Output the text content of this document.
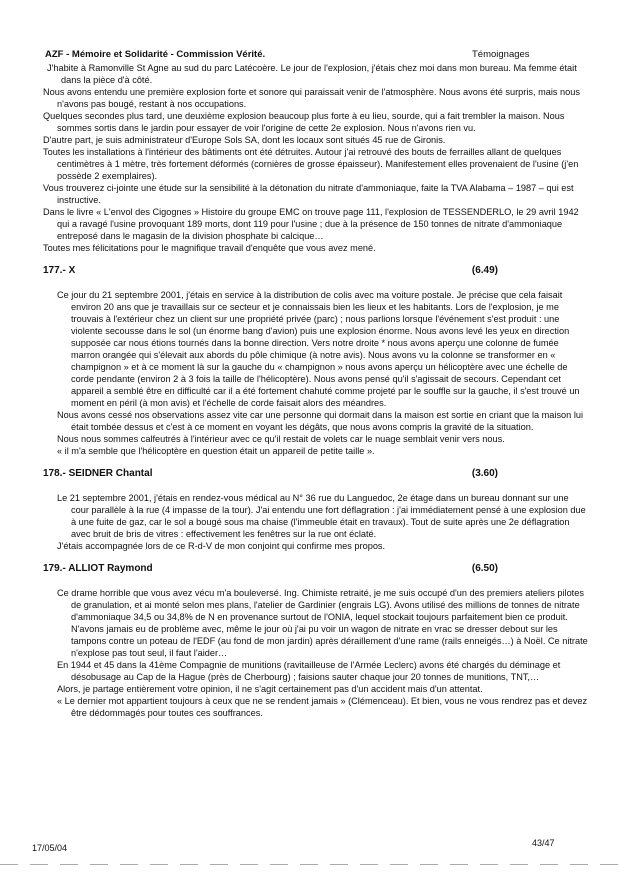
AZF - Mémoire et Solidarité - Commission Vérité.	Témoignages

J'habite à Ramonville St Agne au sud du parc Latécoère. Le jour de l'explosion, j'étais chez moi dans mon bureau. Ma femme était dans la pièce d'à côté.

Nous avons entendu une première explosion forte et sonore qui paraissait venir de l'atmosphère. Nous avons été surpris, mais nous n'avons pas bougé, restant à nos occupations.

Quelques secondes plus tard, une deuxième explosion beaucoup plus forte à eu lieu, sourde, qui a fait trembler la maison. Nous sommes sortis dans le jardin pour essayer de voir l'origine de cette 2e explosion. Nous n'avons rien vu.

D'autre part, je suis administrateur d'Europe Sols SA, dont les locaux sont situés 45 rue de Gironis.

Toutes les installations à l'intérieur des bâtiments ont été détruites. Autour j'ai retrouvé des bouts de ferrailles allant de quelques centimètres à 1 mètre, très fortement déformés (cornières de grosse épaisseur). Manifestement elles provenaient de l'usine (j'en possède 2 exemplaires).

Vous trouverez ci-jointe une étude sur la sensibilité à la détonation du nitrate d'ammoniaque, faite la TVA Alabama – 1987 – qui est instructive.

Dans le livre « L'envol des Cigognes » Histoire du groupe EMC on trouve page 111, l'explosion de TESSENDERLO, le 29 avril 1942 qui a ravagé l'usine provoquant 189 morts, dont 119 pour l'usine ; due à la présence de 150 tonnes de nitrate d'ammoniaque entreposé dans le magasin de la division phosphate bi calcique…

Toutes mes félicitations pour le magnifique travail d'enquête que vous avez mené.

177.- X	(6.49)

Ce jour du 21 septembre 2001, j'étais en service à la distribution de colis avec ma voiture postale. Je précise que cela faisait environ 20 ans que je travaillais sur ce secteur et je connaissais bien les lieux et les habitants. Lors de l'explosion, je me trouvais à l'extérieur chez un client sur une propriété privée (parc) ; nous parlions lorsque l'événement s'est produit : une violente secousse dans le sol (un énorme bang d'avion) puis une explosion énorme. Nous avons levé les yeux en direction supposée car nous étions tournés dans la bonne direction. Vers notre droite * nous avons aperçu une colonne de fumée marron orangée qui s'élevait aux abords du pôle chimique (à notre avis). Nous avons vu la colonne se transformer en « champignon » et à ce moment là sur la gauche du « champignon » nous avons aperçu un hélicoptère avec une échelle de corde pendante (environ 2 à 3 fois la taille de l'hélicoptère). Nous avons pensé qu'il s'agissait de secours. Cependant cet appareil a semblé être en difficulté car il a été fortement chahuté comme projeté par le souffle sur la gauche, il s'est trouvé un moment en péril (à mon avis) et l'échelle de corde faisait alors des méandres.

Nous avons cessé nos observations assez vite car une personne qui dormait dans la maison est sortie en criant que la maison lui était tombée dessus et c'est à ce moment en voyant les dégâts, que nous avons compris la gravité de la situation.

Nous nous sommes calfeutrés à l'intérieur avec ce qu'il restait de volets car le nuage semblait venir vers nous.

« il m'a semble que l'hélicoptère en question était un appareil de petite taille ».

178.- SEIDNER Chantal	(3.60)

Le 21 septembre 2001, j'étais en rendez-vous médical au N° 36 rue du Languedoc, 2e étage dans un bureau donnant sur une cour parallèle à la rue (4 impasse de la tour). J'ai entendu une fort déflagration : j'ai immédiatement pensé à une explosion due à une fuite de gaz, car le sol a bougé sous ma chaise (l'immeuble était en travaux). Tout de suite après une 2e déflagration avec bruit de bris de vitres : effectivement les fenêtres sur la rue ont éclaté.

J'étais accompagnée lors de ce R-d-V de mon conjoint qui confirme mes propos.

179.- ALLIOT Raymond	(6.50)

Ce drame horrible que vous avez vécu m'a bouleversé. Ing. Chimiste retraité, je me suis occupé d'un des premiers ateliers pilotes de granulation, et ai monté selon mes plans, l'atelier de Gardinier (engrais LG). Avons utilisé des millions de tonnes de nitrate d'ammoniaque 34,5 ou 34,8% de N en provenance surtout de l'ONIA, lequel stockait toujours parfaitement bien ce produit. N'avons jamais eu de problème avec, même le jour où j'ai pu voir un wagon de nitrate en vrac se dresser debout sur les tampons contre un poteau de l'EDF (au fond de mon jardin) après déraillement d'une rame (rails enneigés…) à Noël. Ce nitrate n'explose pas tout seul, il faut l'aider…

En 1944 et 45 dans la 41ème Compagnie de munitions (ravitailleuse de l'Armée Leclerc) avons été chargés du déminage et désobusage au Cap de la Hague (près de Cherbourg) ; faisions sauter chaque jour 20 tonnes de munitions, TNT,…

Alors, je partage entièrement votre opinion, il ne s'agit certainement pas d'un accident mais d'un attentat.

« Le dernier mot appartient toujours à ceux que ne se rendent jamais » (Clémenceau). Et bien, vous ne vous rendrez pas et devez être dédommagés pour toutes ces souffrances.

17/05/04	43/47
